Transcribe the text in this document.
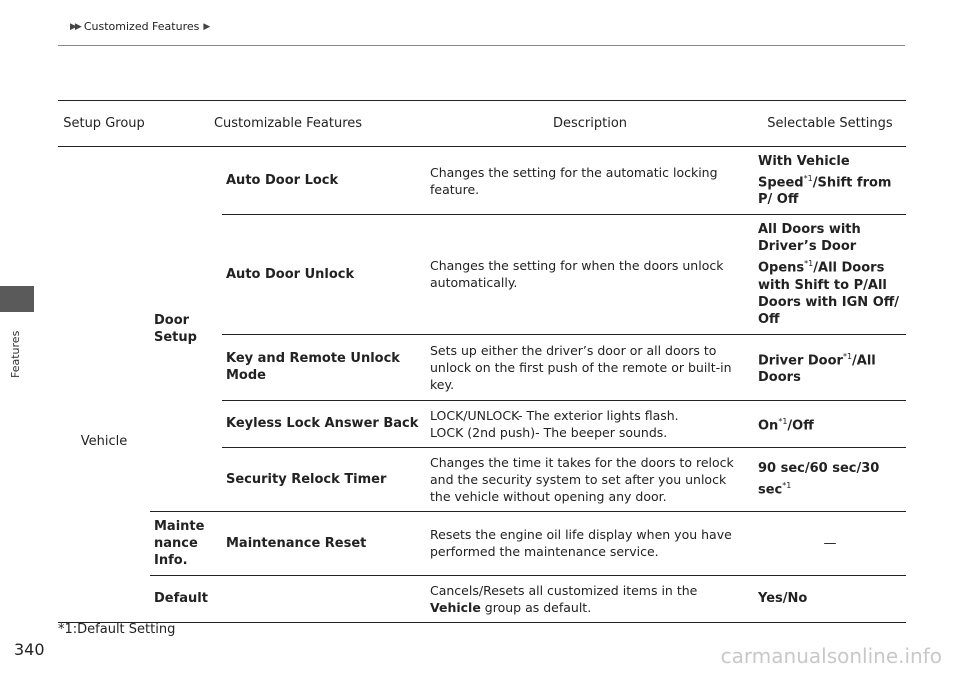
▶▶ Customized Features ▶
Features
Setup Group	Customizable Features		Description	Selectable Settings
Vehicle	Door Setup	Auto Door Lock	Changes the setting for the automatic locking feature.	With Vehicle Speed$^{*1}$/Shift from P/ Off
		Auto Door Unlock	Changes the setting for when the doors unlock automatically.	All Doors with Driver’s Door Opens$^{*1}$/All Doors with Shift to P/All Doors with IGN Off/ Off
		Key and Remote Unlock Mode	Sets up either the driver’s door or all doors to unlock on the first push of the remote or built-in key.	Driver Door$^{*1}$/All Doors
		Keyless Lock Answer Back	LOCK/UNLOCK- The exterior lights flash.
LOCK (2nd push)- The beeper sounds.	On$^{*1}$/Off
		Security Relock Timer	Changes the time it takes for the doors to relock and the security system to set after you unlock the vehicle without opening any door.	90 sec/60 sec/30 $\sec^{*1}$
	Mainte nance Info.	Maintenance Reset	Resets the engine oil life display when you have performed the maintenance service.	—
	Default		Cancels/Resets all customized items in the
Vehicle group as default.	Yes/No
*1:Default Setting
340	carmanualsonline.info
